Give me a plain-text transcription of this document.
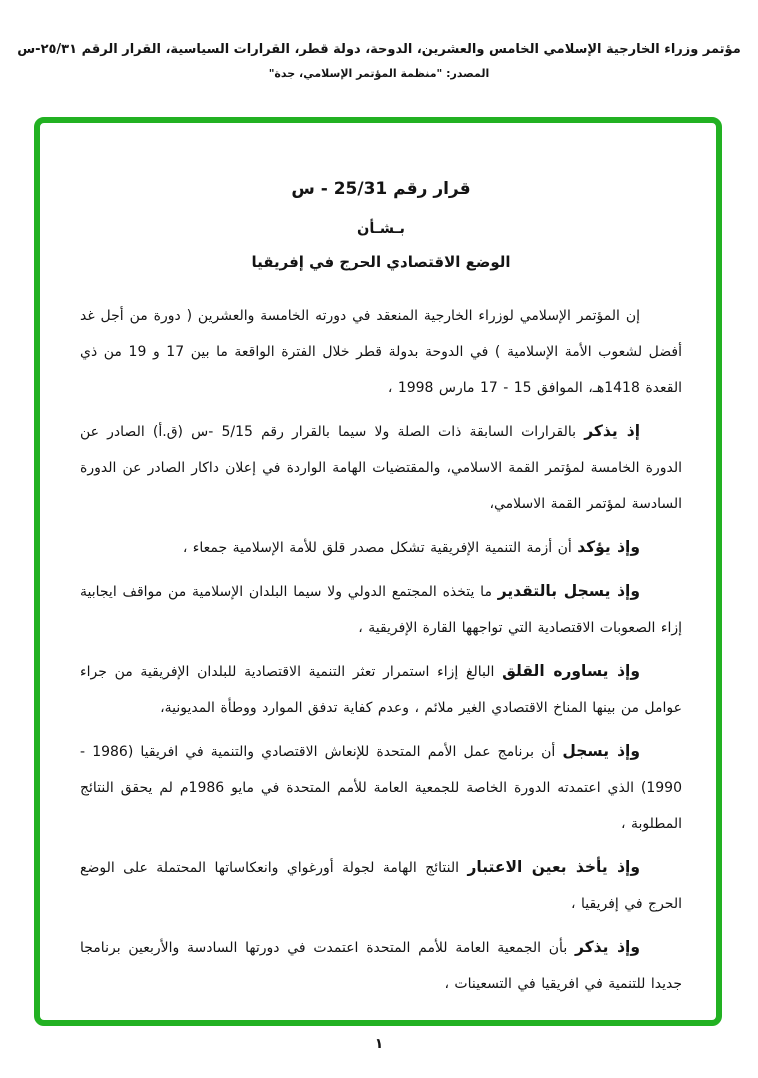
مؤتمر وزراء الخارجية الإسلامي الخامس والعشرين، الدوحة، دولة قطر، القرارات السياسية، القرار الرقم ٢٥/٣١-س
المصدر: "منظمة المؤتمر الإسلامي، جدة"
قرار رقم 25/31 - س
بـشـأن
الوضع الاقتصادي الحرج في إفريقيا

إن المؤتمر الإسلامي لوزراء الخارجية المنعقد في دورته الخامسة والعشرين ( دورة من أجل غد أفضل لشعوب الأمة الإسلامية ) في الدوحة بدولة قطر خلال الفترة الواقعة ما بين 17 و 19 من ذي القعدة 1418هـ، الموافق 15 - 17 مارس 1998 ،

إذ يذكر بالقرارات السابقة ذات الصلة ولا سيما بالقرار رقم 5/15 -س (ق.أ) الصادر عن الدورة الخامسة لمؤتمر القمة الاسلامي، والمقتضيات الهامة الواردة في إعلان داكار الصادر عن الدورة السادسة لمؤتمر القمة الاسلامي،

وإذ يؤكد أن أزمة التنمية الإفريقية تشكل مصدر قلق للأمة الإسلامية جمعاء ،

وإذ يسجل بالتقدير ما يتخذه المجتمع الدولي ولا سيما البلدان الإسلامية من مواقف ايجابية إزاء الصعوبات الاقتصادية التي تواجهها القارة الإفريقية ،

وإذ يساوره القلق البالغ إزاء استمرار تعثر التنمية الاقتصادية للبلدان الإفريقية من جراء عوامل من بينها المناخ الاقتصادي الغير ملائم ، وعدم كفاية تدفق الموارد ووطأة المديونية،

وإذ يسجل أن برنامج عمل الأمم المتحدة للإنعاش الاقتصادي والتنمية في افريقيا (1986 - 1990) الذي اعتمدته الدورة الخاصة للجمعية العامة للأمم المتحدة في مايو 1986م لم يحقق النتائج المطلوبة ،

وإذ يأخذ بعين الاعتبار النتائج الهامة لجولة أورغواي وانعكاساتها المحتملة على الوضع الحرج في إفريقيا ،

وإذ يذكر بأن الجمعية العامة للأمم المتحدة اعتمدت في دورتها السادسة والأربعين برنامجا جديدا للتنمية في افريقيا في التسعينات ،

١
